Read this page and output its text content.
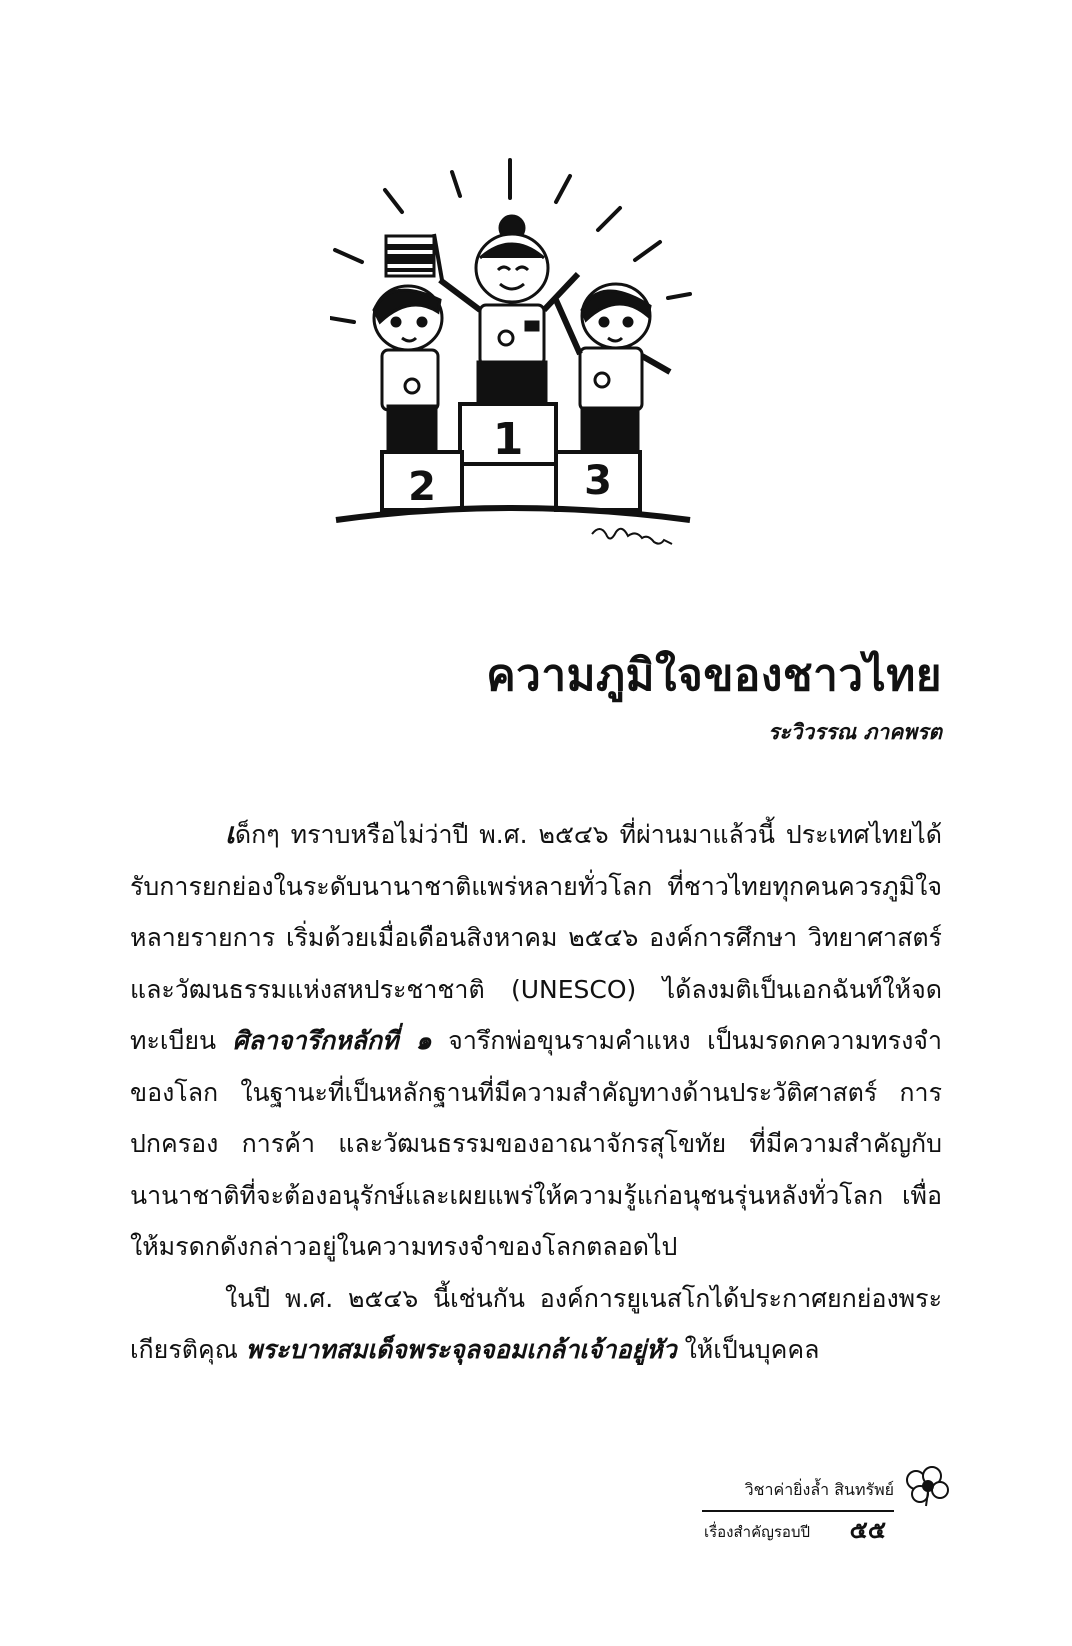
1
2	3
ความภูมิใจของชาวไทย
ระวิวรรณ ภาคพรต

เด็กๆ ทราบหรือไม่ว่าปี พ.ศ. ๒๕๔๖ ที่ผ่านมาแล้วนี้ ประเทศไทยได้รับการยกย่องในระดับนานาชาติแพร่หลายทั่วโลก ที่ชาวไทยทุกคนควรภูมิใจหลายรายการ เริ่มด้วยเมื่อเดือนสิงหาคม ๒๕๔๖ องค์การศึกษา วิทยาศาสตร์ และวัฒนธรรมแห่งสหประชาชาติ (UNESCO) ได้ลงมติเป็นเอกฉันท์ให้จดทะเบียน ศิลาจารึกหลักที่ ๑ จารึกพ่อขุนรามคำแหง เป็นมรดกความทรงจำของโลก ในฐานะที่เป็นหลักฐานที่มีความสำคัญทางด้านประวัติศาสตร์ การปกครอง การค้า และวัฒนธรรมของอาณาจักรสุโขทัย ที่มีความสำคัญกับนานาชาติที่จะต้องอนุรักษ์และเผยแพร่ให้ความรู้แก่อนุชนรุ่นหลังทั่วโลก เพื่อให้มรดกดังกล่าวอยู่ในความทรงจำของโลกตลอดไป

ในปี พ.ศ. ๒๕๔๖ นี้เช่นกัน องค์การยูเนสโกได้ประกาศยกย่องพระเกียรติคุณ พระบาทสมเด็จพระจุลจอมเกล้าเจ้าอยู่หัว ให้เป็นบุคคล

วิชาค่ายิ่งล้ำ สินทรัพย์
เรื่องสำคัญรอบปี ๕๕
